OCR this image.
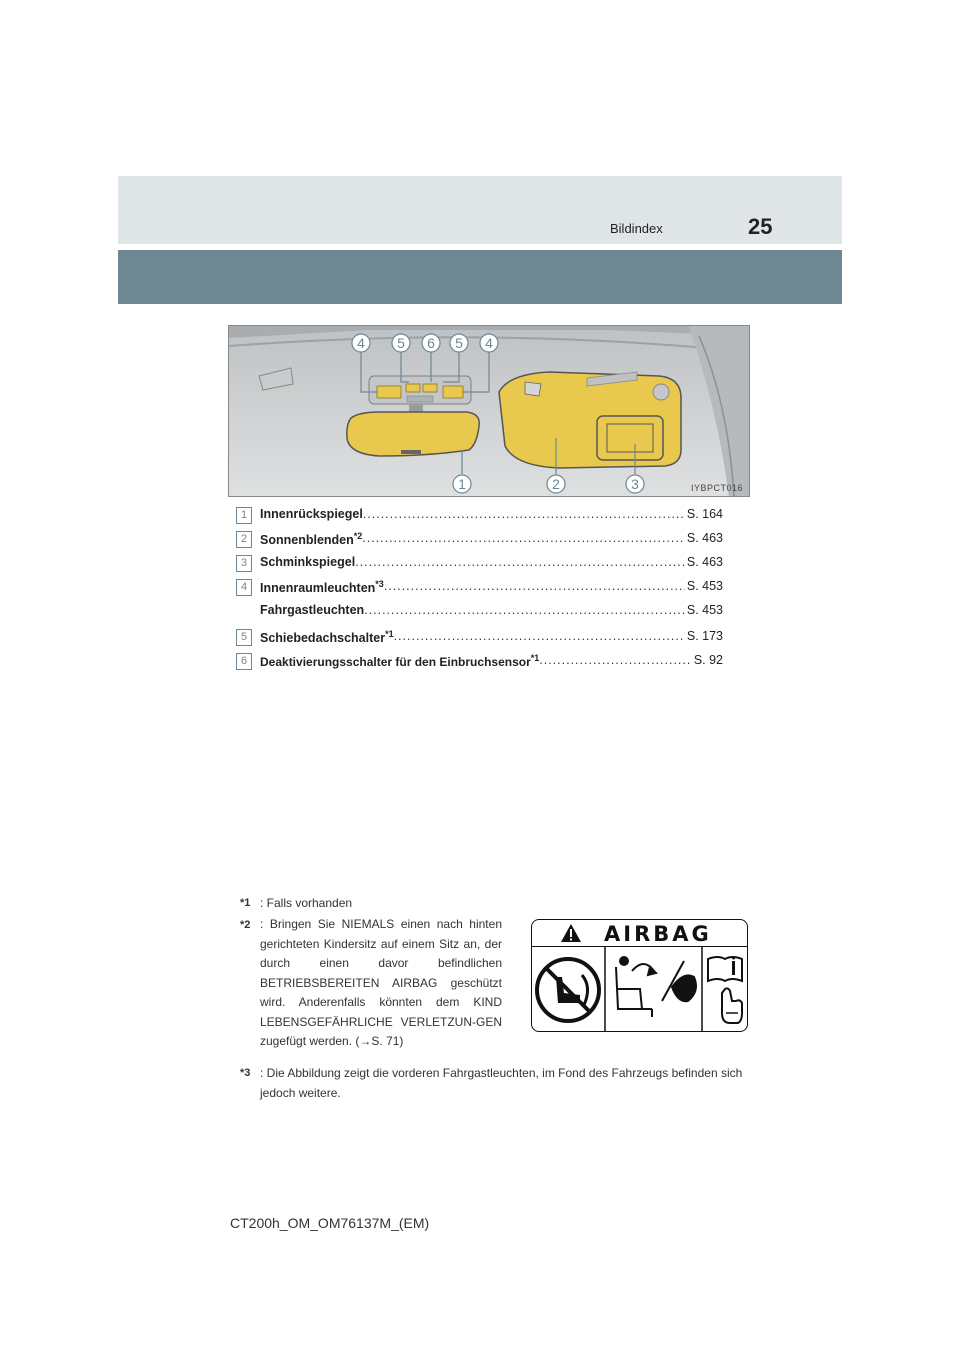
Bildindex	25
4 5 6 5 4
1	2	3	IYBPCT016
1	Innenrückspiegel .....	S. 164
2	Sonnenblenden$^{*2}$ .....	S. 463
3	Schminkspiegel .....	S. 463
4	Innenraumleuchten$^{*3}$ .....	S. 453
Fahrgastleuchten .....	S. 453
5	Schiebedachschalter$^{*1}$ .....	S. 173
6	Deaktivierungsschalter für den Einbruchsensor$^{*1}$ .....	S. 92
*1 : Falls vorhanden
*2 : Bringen Sie NIEMALS einen nach hinten gerichteten Kindersitz auf einem Sitz an, der durch einen davor befindlichen BETRIEBSBEREITEN AIRBAG geschützt wird. Anderenfalls könnten dem KIND LEBENSGEFÄHRLICHE VERLETZUN-GEN zugefügt werden. (→S. 71)
*3 : Die Abbildung zeigt die vorderen Fahrgastleuchten, im Fond des Fahrzeugs befinden sich jedoch weitere.
AIRBAG
CT200h_OM_OM76137M_(EM)
